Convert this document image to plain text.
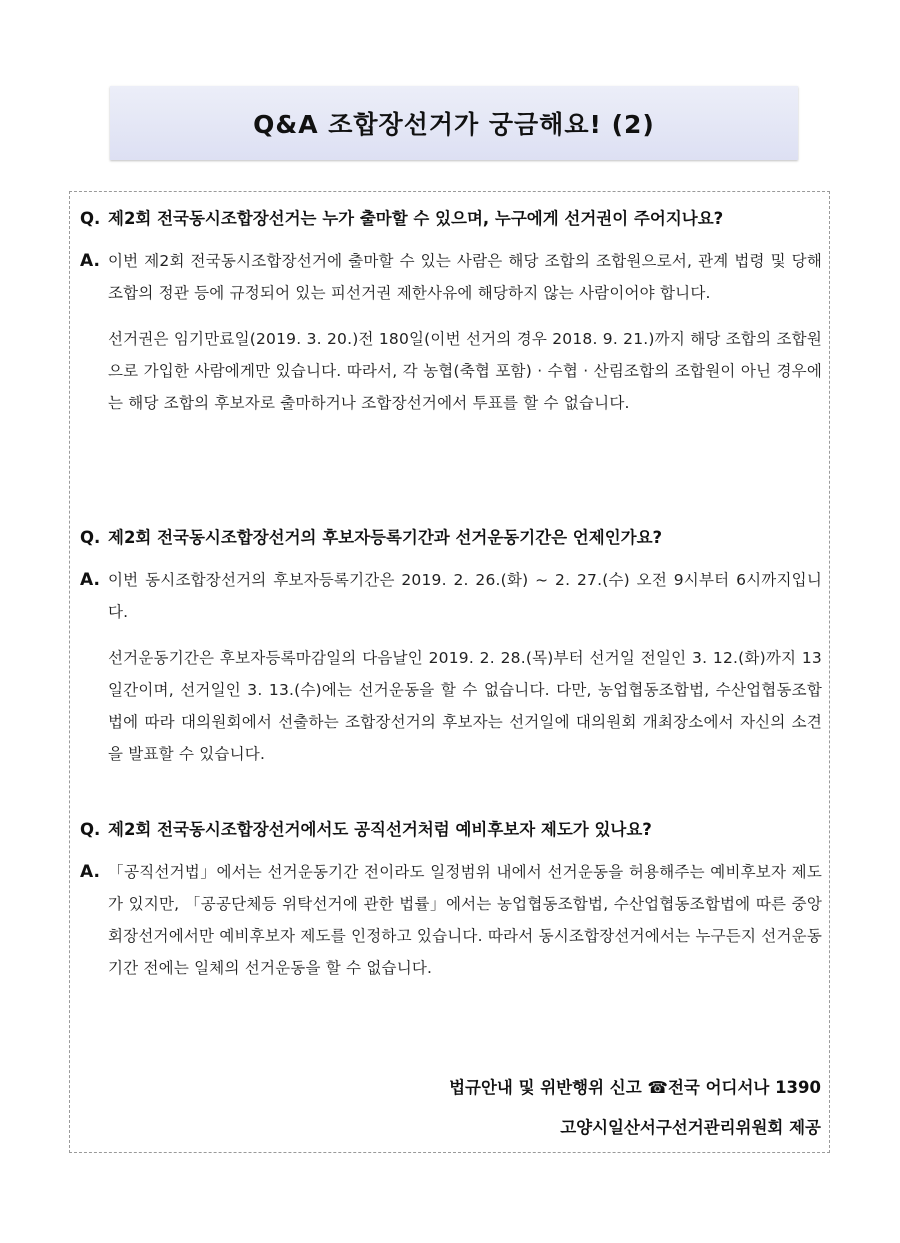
Q&A 조합장선거가 궁금해요! (2)
Q. 제2회 전국동시조합장선거는 누가 출마할 수 있으며, 누구에게 선거권이 주어지나요?
A. 이번 제2회 전국동시조합장선거에 출마할 수 있는 사람은 해당 조합의 조합원으로서, 관계 법령 및 당해 조합의 정관 등에 규정되어 있는 피선거권 제한사유에 해당하지 않는 사람이어야 합니다.

선거권은 임기만료일(2019. 3. 20.)전 180일(이번 선거의 경우 2018. 9. 21.)까지 해당 조합의 조합원으로 가입한 사람에게만 있습니다. 따라서, 각 농협(축협 포함) · 수협 · 산림조합의 조합원이 아닌 경우에는 해당 조합의 후보자로 출마하거나 조합장선거에서 투표를 할 수 없습니다.

Q. 제2회 전국동시조합장선거의 후보자등록기간과 선거운동기간은 언제인가요?
A. 이번 동시조합장선거의 후보자등록기간은 2019. 2. 26.(화) ~ 2. 27.(수) 오전 9시부터 6시까지입니다.

선거운동기간은 후보자등록마감일의 다음날인 2019. 2. 28.(목)부터 선거일 전일인 3. 12.(화)까지 13일간이며, 선거일인 3. 13.(수)에는 선거운동을 할 수 없습니다. 다만, 농업협동조합법, 수산업협동조합법에 따라 대의원회에서 선출하는 조합장선거의 후보자는 선거일에 대의원회 개최장소에서 자신의 소견을 발표할 수 있습니다.

Q. 제2회 전국동시조합장선거에서도 공직선거처럼 예비후보자 제도가 있나요?
A. 「공직선거법」에서는 선거운동기간 전이라도 일정범위 내에서 선거운동을 허용해주는 예비후보자 제도가 있지만, 「공공단체등 위탁선거에 관한 법률」에서는 농업협동조합법, 수산업협동조합법에 따른 중앙회장선거에서만 예비후보자 제도를 인정하고 있습니다. 따라서 동시조합장선거에서는 누구든지 선거운동기간 전에는 일체의 선거운동을 할 수 없습니다.

법규안내 및 위반행위 신고 ☎전국 어디서나 1390
고양시일산서구선거관리위원회 제공
